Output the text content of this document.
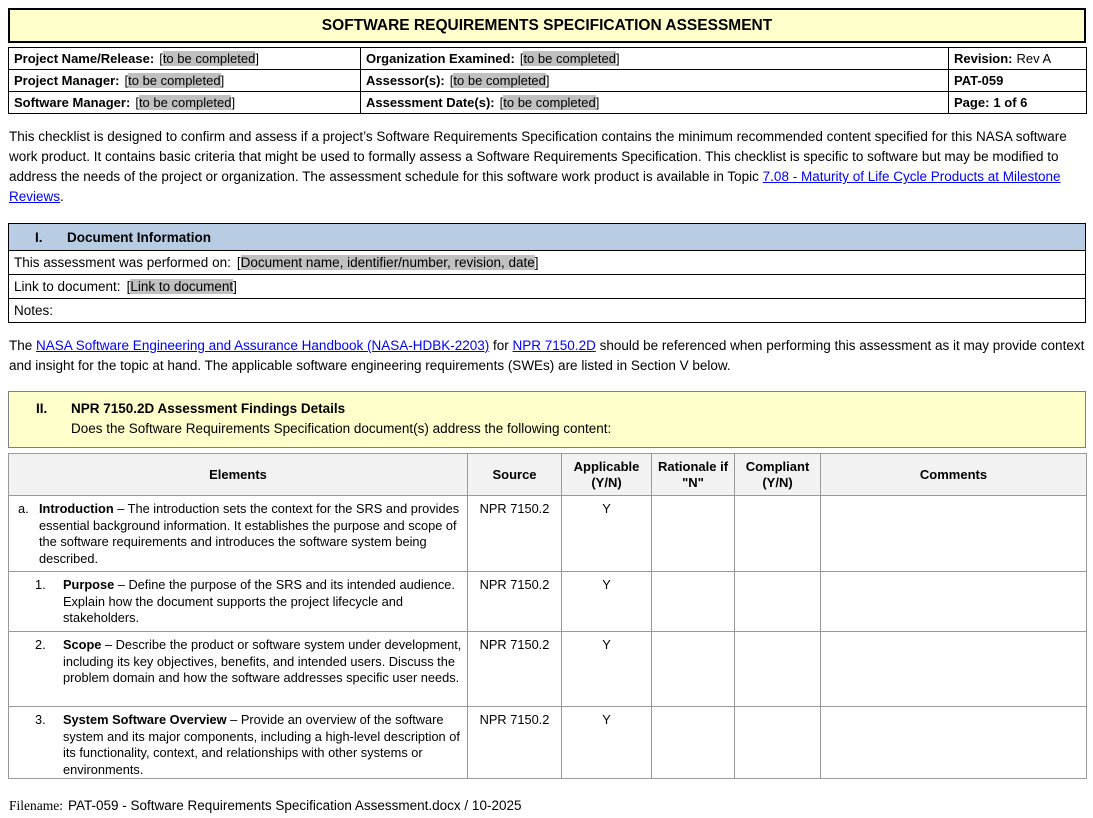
SOFTWARE REQUIREMENTS SPECIFICATION ASSESSMENT
Project Name/Release: [to be completed]	Organization Examined: [to be completed]	Revision: Rev A
Project Manager: [to be completed]	Assessor(s): [to be completed]	PAT-059
Software Manager: [to be completed]	Assessment Date(s): [to be completed]	Page: 1 of 6
This checklist is designed to confirm and assess if a project’s Software Requirements Specification contains the minimum recommended content specified for this NASA software work product. It contains basic criteria that might be used to formally assess a Software Requirements Specification. This checklist is specific to software but may be modified to address the needs of the project or organization. The assessment schedule for this software work product is available in Topic 7.08 - Maturity of Life Cycle Products at Milestone Reviews.
I. Document Information
This assessment was performed on: [Document name, identifier/number, revision, date]
Link to document: [Link to document]
Notes:
The NASA Software Engineering and Assurance Handbook (NASA-HDBK-2203) for NPR 7150.2D should be referenced when performing this assessment as it may provide context and insight for the topic at hand. The applicable software engineering requirements (SWEs) are listed in Section V below.
II. NPR 7150.2D Assessment Findings Details
Does the Software Requirements Specification document(s) address the following content:
Elements	Source	Applicable (Y/N)	Rationale if "N"	Compliant (Y/N)	Comments

a. Introduction – The introduction sets the context for the SRS and provides essential background information. It establishes the purpose and scope of the software requirements and introduces the software system being described.	NPR 7150.2	Y			

1. Purpose – Define the purpose of the SRS and its intended audience. Explain how the document supports the project lifecycle and stakeholders.	NPR 7150.2	Y			

2. Scope – Describe the product or software system under development, including its key objectives, benefits, and intended users. Discuss the problem domain and how the software addresses specific user needs.	NPR 7150.2	Y			

3. System Software Overview – Provide an overview of the software system and its major components, including a high-level description of its functionality, context, and relationships with other systems or environments.	NPR 7150.2	Y			
Filename: PAT-059 - Software Requirements Specification Assessment.docx / 10-2025
